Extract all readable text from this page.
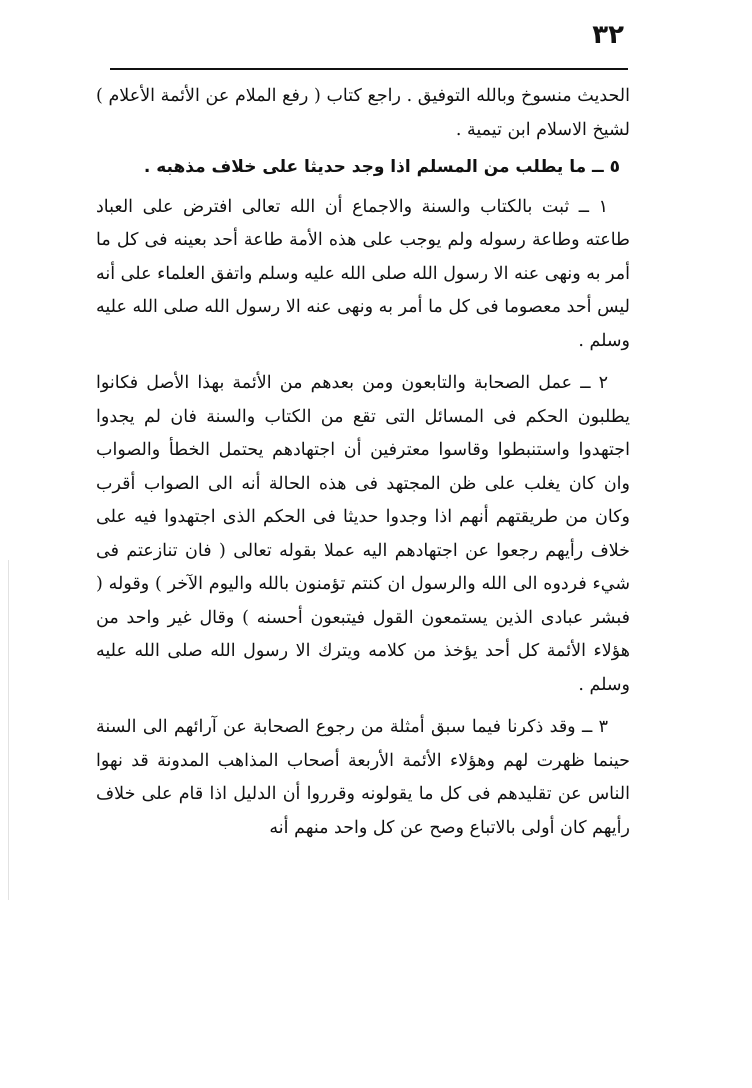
٣٢

الحديث منسوخ وبالله التوفيق . راجع كتاب ( رفع الملام عن الأئمة الأعلام ) لشيخ الاسلام ابن تيمية .

٥ ــ ما يطلب من المسلم اذا وجد حديثا على خلاف مذهبه .

١ ــ ثبت بالكتاب والسنة والاجماع أن الله تعالى افترض على العباد طاعته وطاعة رسوله ولم يوجب على هذه الأمة طاعة أحد بعينه فى كل ما أمر به ونهى عنه الا رسول الله صلى الله عليه وسلم واتفق العلماء على أنه ليس أحد معصوما فى كل ما أمر به ونهى عنه الا رسول الله صلى الله عليه وسلم .

٢ ــ عمل الصحابة والتابعون ومن بعدهم من الأئمة بهذا الأصل فكانوا يطلبون الحكم فى المسائل التى تقع من الكتاب والسنة فان لم يجدوا اجتهدوا واستنبطوا وقاسوا معترفين أن اجتهادهم يحتمل الخطأ والصواب وان كان يغلب على ظن المجتهد فى هذه الحالة أنه الى الصواب أقرب وكان من طريقتهم أنهم اذا وجدوا حديثا فى الحكم الذى اجتهدوا فيه على خلاف رأيهم رجعوا عن اجتهادهم اليه عملا بقوله تعالى ( فان تنازعتم فى شيء فردوه الى الله والرسول ان كنتم تؤمنون بالله واليوم الآخر ) وقوله ( فبشر عبادى الذين يستمعون القول فيتبعون أحسنه ) وقال غير واحد من هؤلاء الأئمة كل أحد يؤخذ من كلامه ويترك الا رسول الله صلى الله عليه وسلم .

٣ ــ وقد ذكرنا فيما سبق أمثلة من رجوع الصحابة عن آرائهم الى السنة حينما ظهرت لهم وهؤلاء الأئمة الأربعة أصحاب المذاهب المدونة قد نهوا الناس عن تقليدهم فى كل ما يقولونه وقرروا أن الدليل اذا قام على خلاف رأيهم كان أولى بالاتباع وصح عن كل واحد منهم أنه
